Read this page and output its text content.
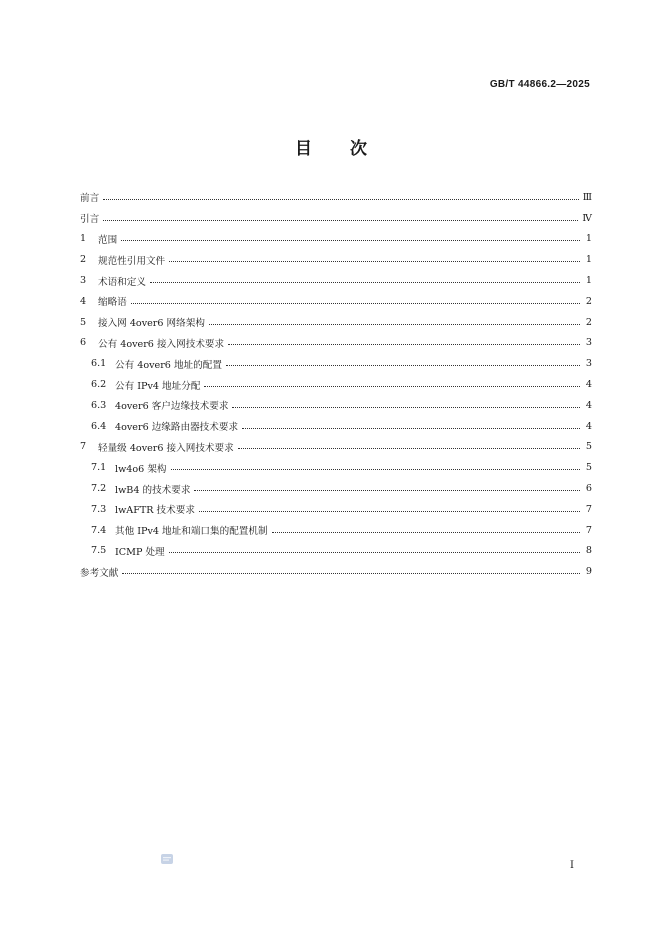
GB/T 44866.2—2025
目 次
前言	Ⅲ
引言	Ⅳ
1	范围	1
2	规范性引用文件	1
3	术语和定义	1
4	缩略语	2
5	接入网 4over6 网络架构	2
6	公有 4over6 接入网技术要求	3
6.1 公有 4over6 地址的配置	3
6.2 公有 IPv4 地址分配	4
6.3 4over6 客户边缘技术要求	4
6.4 4over6 边缘路由器技术要求	4
7	轻量级 4over6 接入网技术要求	5
7.1 lw4o6 架构	5
7.2 lwB4 的技术要求	6
7.3 lwAFTR 技术要求	7
7.4 其他 IPv4 地址和端口集的配置机制	7
7.5 ICMP 处理	8
参考文献	9
Ⅰ
